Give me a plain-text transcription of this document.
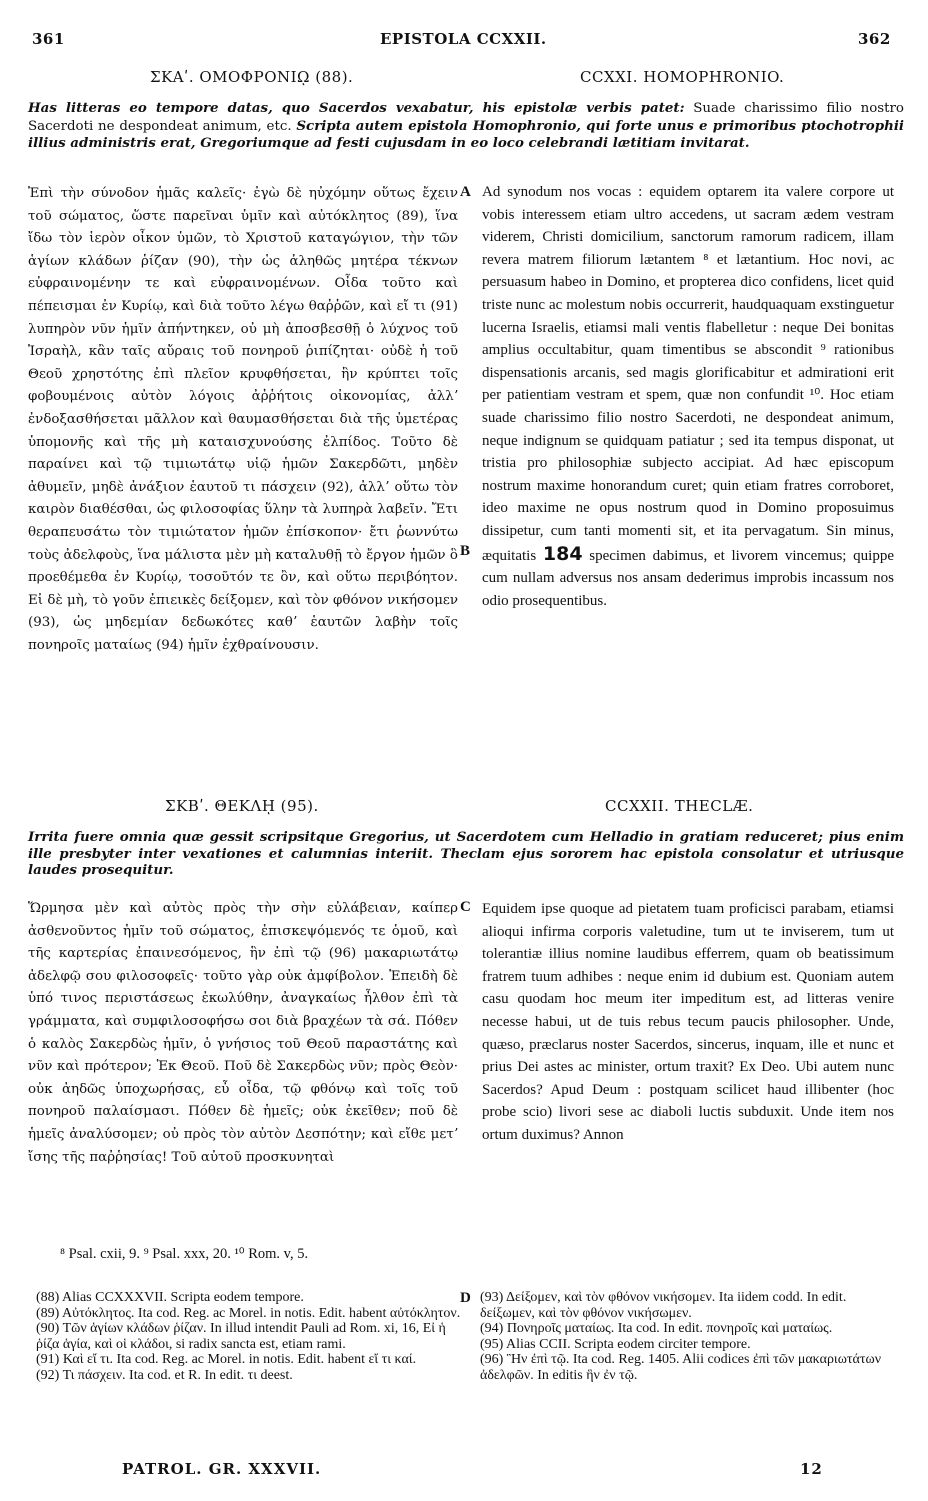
361	EPISTOLA CCXXII.	362
ΣΚΑʹ. ΟΜΟΦΡΟΝΙῼ (88).	CCXXI. HOMOPHRONIO.

Has litteras eo tempore datas, quo Sacerdos vexabatur, his epistolæ verbis patet: Suade charissimo filio nostro Sacerdoti ne despondeat animum, etc. Scripta autem epistola Homophronio, qui forte unus e primoribus ptochotrophii illius administris erat, Gregoriumque ad festi cujusdam in eo loco celebrandi lætitiam invitarat.

Ἐπὶ τὴν σύνοδον ἡμᾶς καλεῖς· ἐγὼ δὲ ηὐχόμην οὕτως ἔχειν τοῦ σώματος, ὥστε παρεῖναι ὑμῖν καὶ αὐτόκλητος (89), ἵνα ἴδω τὸν ἱερὸν οἶκον ὑμῶν, τὸ Χριστοῦ καταγώγιον, τὴν τῶν ἁγίων κλάδων ῥίζαν (90), τὴν ὡς ἀληθῶς μητέρα τέκνων εὐφραινομένην τε καὶ εὐφραινομένων. Οἶδα τοῦτο καὶ πέπεισμαι ἐν Κυρίῳ, καὶ διὰ τοῦτο λέγω θαῤῥῶν, καὶ εἴ τι (91) λυπηρὸν νῦν ἡμῖν ἀπήντηκεν, οὐ μὴ ἀποσβεσθῇ ὁ λύχνος τοῦ Ἰσραὴλ, κἂν ταῖς αὔραις τοῦ πονηροῦ ῥιπίζηται· οὐδὲ ἡ τοῦ Θεοῦ χρηστότης ἐπὶ πλεῖον κρυφθήσεται, ἣν κρύπτει τοῖς φοβουμένοις αὐτὸν λόγοις ἀῤῥήτοις οἰκονομίας, ἀλλʼ ἐνδοξασθήσεται μᾶλλον καὶ θαυμασθήσεται διὰ τῆς ὑμετέρας ὑπομονῆς καὶ τῆς μὴ καταισχυνούσης ἐλπίδος. Τοῦτο δὲ παραίνει καὶ τῷ τιμιωτάτῳ υἱῷ ἡμῶν Σακερδῶτι, μηδὲν ἀθυμεῖν, μηδὲ ἀνάξιον ἑαυτοῦ τι πάσχειν (92), ἀλλʼ οὕτω τὸν καιρὸν διαθέσθαι, ὡς φιλοσοφίας ὕλην τὰ λυπηρὰ λαβεῖν. Ἔτι θεραπευσάτω τὸν τιμιώτατον ἡμῶν ἐπίσκοπον· ἔτι ῥωννύτω τοὺς ἀδελφοὺς, ἵνα μάλιστα μὲν μὴ καταλυθῇ τὸ ἔργον ἡμῶν ὃ προεθέμεθα ἐν Κυρίῳ, τοσοῦτόν τε ὂν, καὶ οὕτω περιβόητον. Εἰ δὲ μὴ, τὸ γοῦν ἐπιεικὲς δείξομεν, καὶ τὸν φθόνον νικήσομεν (93), ὡς μηδεμίαν δεδωκότες καθʼ ἑαυτῶν λαβὴν τοῖς πονηροῖς ματαίως (94) ἡμῖν ἐχθραίνουσιν.

A
B

Ad synodum nos vocas : equidem optarem ita valere corpore ut vobis interessem etiam ultro accedens, ut sacram ædem vestram viderem, Christi domicilium, sanctorum ramorum radicem, illam revera matrem filiorum lætantem ⁸ et lætantium. Hoc novi, ac persuasum habeo in Domino, et propterea dico confidens, licet quid triste nunc ac molestum nobis occurrerit, haudquaquam exstinguetur lucerna Israelis, etiamsi mali ventis flabelletur : neque Dei bonitas amplius occultabitur, quam timentibus se abscondit ⁹ rationibus dispensationis arcanis, sed magis glorificabitur et admirationi erit per patientiam vestram et spem, quæ non confundit ¹⁰. Hoc etiam suade charissimo filio nostro Sacerdoti, ne despondeat animum, neque indignum se quidquam patiatur ; sed ita tempus disponat, ut tristia pro philosophiæ subjecto accipiat. Ad hæc episcopum nostrum maxime honorandum curet; quin etiam fratres corroboret, ideo maxime ne opus nostrum quod in Domino proposuimus dissipetur, cum tanti momenti sit, et ita pervagatum. Sin minus, æquitatis 184 specimen dabimus, et livorem vincemus; quippe cum nullam adversus nos ansam dederimus improbis incassum nos odio prosequentibus.

ΣΚΒʹ. ΘΕΚΛῌ (95).	CCXXII. THECLÆ.

Irrita fuere omnia quæ gessit scripsitque Gregorius, ut Sacerdotem cum Helladio in gratiam reduceret; pius enim ille presbyter inter vexationes et calumnias interiit. Theclam ejus sororem hac epistola consolatur et utriusque laudes prosequitur.

Ὥρμησα μὲν καὶ αὐτὸς πρὸς τὴν σὴν εὐλάβειαν, καίπερ ἀσθενοῦντος ἡμῖν τοῦ σώματος, ἐπισκεψόμενός τε ὁμοῦ, καὶ τῆς καρτερίας ἐπαινεσόμενος, ἣν ἐπὶ τῷ (96) μακαριωτάτῳ ἀδελφῷ σου φιλοσοφεῖς· τοῦτο γὰρ οὐκ ἀμφίβολον. Ἐπειδὴ δὲ ὑπό τινος περιστάσεως ἐκωλύθην, ἀναγκαίως ἦλθον ἐπὶ τὰ γράμματα, καὶ συμφιλοσοφήσω σοι διὰ βραχέων τὰ σά. Πόθεν ὁ καλὸς Σακερδὼς ἡμῖν, ὁ γνήσιος τοῦ Θεοῦ παραστάτης καὶ νῦν καὶ πρότερον; Ἐκ Θεοῦ. Ποῦ δὲ Σακερδὼς νῦν; πρὸς Θεὸν· οὐκ ἀηδῶς ὑποχωρήσας, εὖ οἶδα, τῷ φθόνῳ καὶ τοῖς τοῦ πονηροῦ παλαίσμασι. Πόθεν δὲ ἡμεῖς; οὐκ ἐκεῖθεν; ποῦ δὲ ἡμεῖς ἀναλύσομεν; οὐ πρὸς τὸν αὐτὸν Δεσπότην; καὶ εἴθε μετʼ ἴσης τῆς παῤῥησίας! Τοῦ αὐτοῦ προσκυνηταὶ

C Equidem ipse quoque ad pietatem tuam proficisci parabam, etiamsi alioqui infirma corporis valetudine, tum ut te inviserem, tum ut tolerantiæ illius nomine laudibus efferrem, quam ob beatissimum fratrem tuum adhibes : neque enim id dubium est. Quoniam autem casu quodam hoc meum iter impeditum est, ad litteras venire necesse habui, ut de tuis rebus tecum paucis philosopher. Unde, quæso, præclarus noster Sacerdos, sincerus, inquam, ille et nunc et prius Dei astes ac minister, ortum traxit? Ex Deo. Ubi autem nunc Sacerdos? Apud Deum : postquam scilicet haud illibenter (hoc probe scio) livori sese ac diaboli luctis subduxit. Unde item nos ortum duximus? Annon

⁸ Psal. cxii, 9. ⁹ Psal. xxx, 20. ¹⁰ Rom. v, 5.

(88) Alias CCXXXVII. Scripta eodem tempore.

(89) Αὐτόκλητος. Ita cod. Reg. ac Morel. in notis. Edit. habent αὐτόκλητον.

(90) Τῶν ἁγίων κλάδων ῥίζαν. In illud intendit Pauli ad Rom. xi, 16, Εἰ ἡ ῥίζα ἁγία, καὶ οἱ κλάδοι, si radix sancta est, etiam rami.

(91) Καὶ εἴ τι. Ita cod. Reg. ac Morel. in notis. Edit. habent εἴ τι καί.

(92) Τι πάσχειν. Ita cod. et R. In edit. τι deest.

D (93) Δείξομεν, καὶ τὸν φθόνον νικήσομεν. Ita iidem codd. In edit. δείξωμεν, καὶ τὸν φθόνον νικήσωμεν.

(94) Πονηροῖς ματαίως. Ita cod. In edit. πονηροῖς καὶ ματαίως.

(95) Alias CCII. Scripta eodem circiter tempore.

(96) Ἣν ἐπὶ τῷ. Ita cod. Reg. 1405. Alii codices ἐπὶ τῶν μακαριωτάτων ἀδελφῶν. In editis ἣν ἐν τῷ.

PATROL. GR. XXXVII.	12
